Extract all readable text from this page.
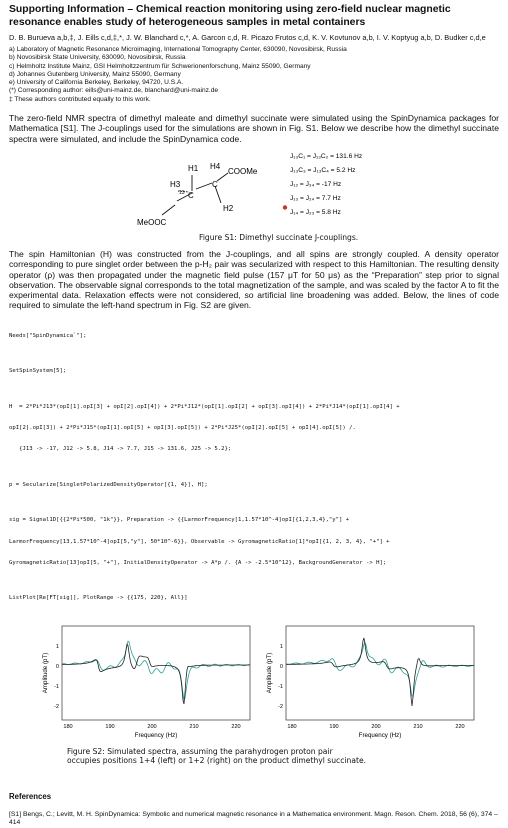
Supporting Information – Chemical reaction monitoring using zero-field nuclear magnetic resonance enables study of heterogeneous samples in metal containers
D. B. Burueva a,b,‡, J. Eills c,d,‡,*, J. W. Blanchard c,*, A. Garcon c,d, R. Picazo Frutos c,d, K. V. Kovtunov a,b, I. V. Koptyug a,b, D. Budker c,d,e
a) Laboratory of Magnetic Resonance Microimaging, International Tomography Center, 630090, Novosibirsk, Russia
b) Novosibirsk State University, 630090, Novosibirsk, Russia
c) Helmholtz Institute Mainz, GSI Helmholtzzentrum für Schwerionenforschung, Mainz 55090, Germany
d) Johannes Gutenberg University, Mainz 55090, Germany
e) University of California Berkeley, Berkeley, 94720, U.S.A.
(*) Corresponding author: eills@uni-mainz.de, blanchard@uni-mainz.de
‡ These authors contributed equally to this work.

The zero-field NMR spectra of dimethyl maleate and dimethyl succinate were simulated using the SpinDynamica packages for Mathematica [S1]. The J-couplings used for the simulations are shown in Fig. S1. Below we describe how the dimethyl succinate spectra were simulated, and include the SpinDynamica code.

H1 H4
C
C
COOMe
MeOOC
13
H2
H3
J₁₃C₁ = J₁₃C₂ = 131.6 Hz
J₁₃C₃ = J₁₃C₄ = 5.2 Hz
J₁₂ = J₃₄ = -17 Hz
J₁₃ = J₂₄ = 7.7 Hz
J₁₄ = J₂₃ = 5.8 Hz
Figure S1: Dimethyl succinate J-couplings.

The spin Hamiltonian (H) was constructed from the J-couplings, and all spins are strongly coupled. A density operator corresponding to pure singlet order between the p-H₂ pair was secularized with respect to this Hamiltonian. The resulting density operator (ρ) was then propagated under the magnetic field pulse (157 μT for 50 μs) as the “Preparation” step prior to signal observation. The observable signal corresponds to the total magnetization of the sample, and was scaled by the factor A to fit the experimental data. Relaxation effects were not considered, so artificial line broadening was added. Below, the lines of code required to simulate the left-hand spectrum in Fig. S2 are given.

Needs["SpinDynamica`"];

SetSpinSystem[5];

H  = 2*Pi*J13*(opI[1].opI[3] + opI[2].opI[4]) + 2*Pi*J12*(opI[1].opI[2] + opI[3].opI[4]) + 2*Pi*J14*(opI[1].opI[4] +

opI[2].opI[3]) + 2*Pi*J15*(opI[1].opI[5] + opI[3].opI[5]) + 2*Pi*J25*(opI[2].opI[5] + opI[4].opI[5]) /.

{J13 -> -17, J12 -> 5.8, J14 -> 7.7, J15 -> 131.6, J25 -> 5.2};

p = Secularize[SingletPolarizedDensityOperator[{1, 4}], H];

sig = Signal1D[{{2*Pi*500, "1k"}}, Preparation -> {{LarmorFrequency[1,1.57*10^-4]opI[{1,2,3,4},"y"] +

LarmorFrequency[13,1.57*10^-4]opI[5,"y"], 50*10^-6}}, Observable -> GyromagneticRatio[1]*opI[{1, 2, 3, 4}, "+"] +

GyromagneticRatio[13]opI[5, "+"], InitialDensityOperator -> A*p /. {A -> -2.5*10^12}, BackgroundGenerator -> H];

ListPlot[Re[FT[sig]], PlotRange -> {{175, 220}, All}]

180	190	200	210	220
1
0
-1
-2
Frequency (Hz)
Amplitude (pT)
180	190	200	210	220
1
0
-1
-2
Frequency (Hz)
Amplitude (pT)
Figure S2: Simulated spectra, assuming the parahydrogen proton pair occupies positions 1+4 (left) or 1+2 (right) on the product dimethyl succinate.

References

[S1] Bengs, C.; Levitt, M. H. SpinDynamica: Symbolic and numerical magnetic resonance in a Mathematica environment. Magn. Reson. Chem. 2018, 56 (6), 374 – 414
